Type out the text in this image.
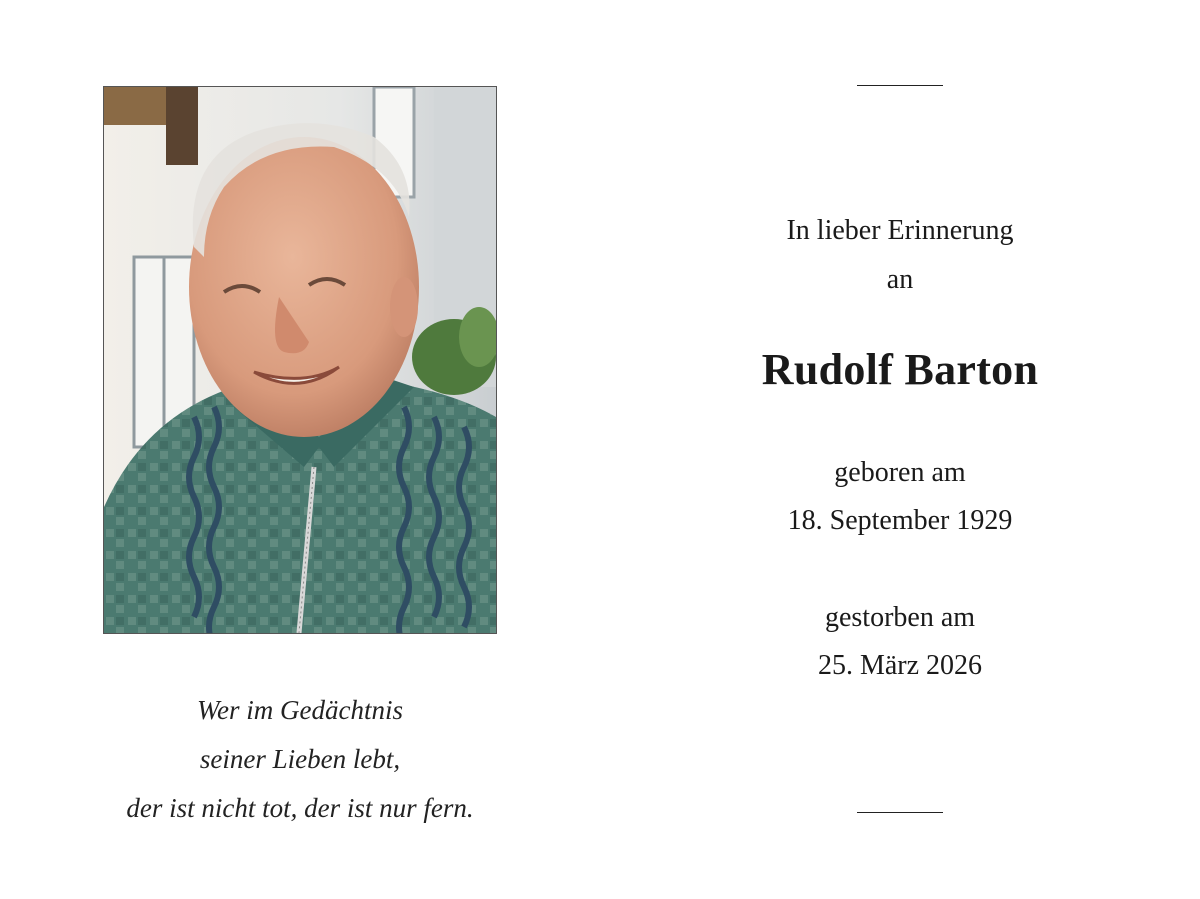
Wer im Gedächtnis
seiner Lieben lebt,
der ist nicht tot, der ist nur fern.
In lieber Erinnerung
an
Rudolf Barton
geboren am
18. September 1929
gestorben am
25. März 2026
